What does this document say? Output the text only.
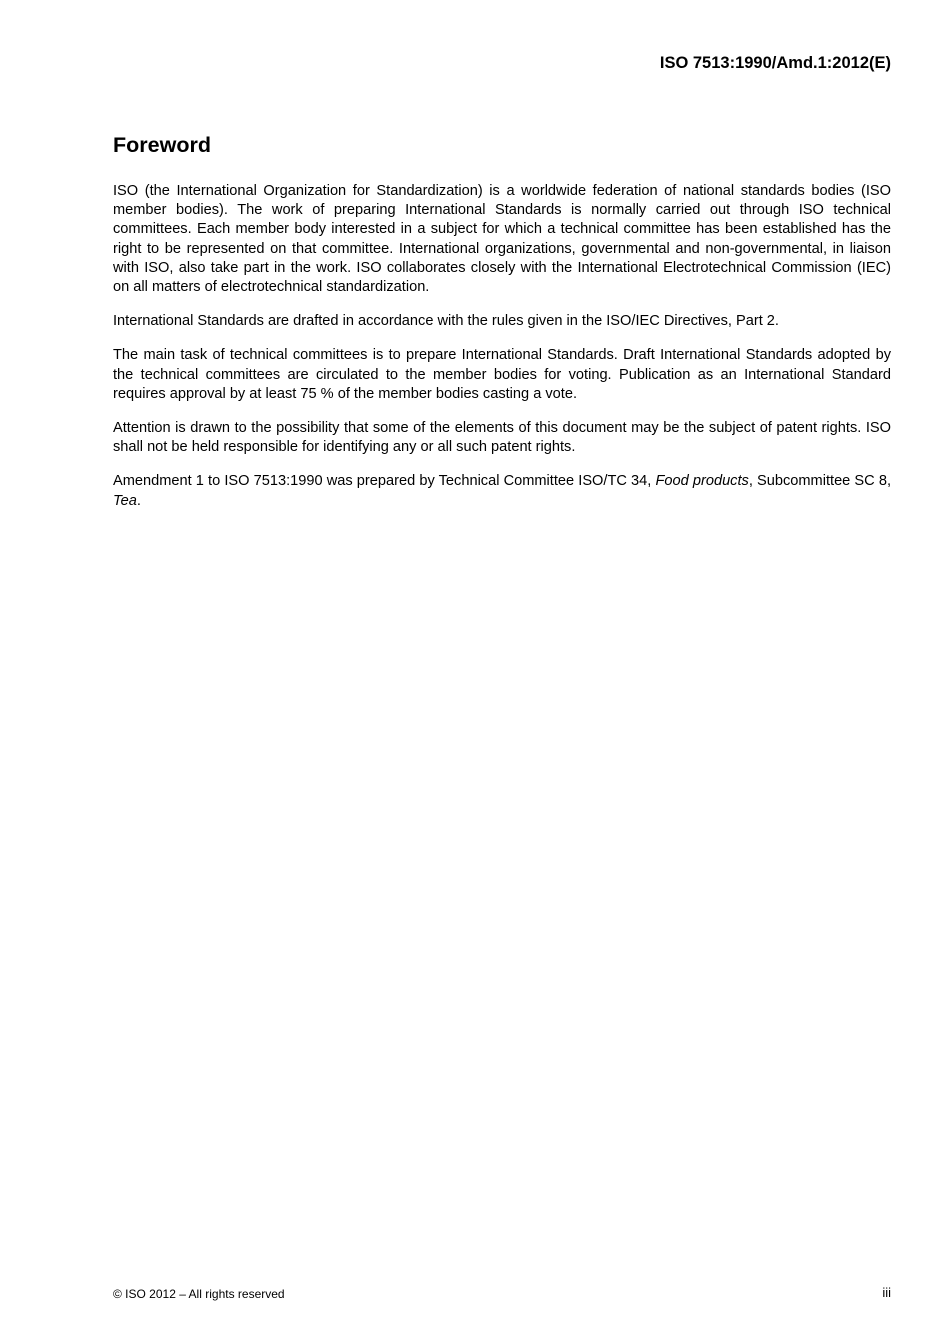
ISO 7513:1990/Amd.1:2012(E)
Foreword

ISO (the International Organization for Standardization) is a worldwide federation of national standards bodies (ISO member bodies). The work of preparing International Standards is normally carried out through ISO technical committees. Each member body interested in a subject for which a technical committee has been established has the right to be represented on that committee. International organizations, governmental and non-governmental, in liaison with ISO, also take part in the work. ISO collaborates closely with the International Electrotechnical Commission (IEC) on all matters of electrotechnical standardization.

International Standards are drafted in accordance with the rules given in the ISO/IEC Directives, Part 2.

The main task of technical committees is to prepare International Standards. Draft International Standards adopted by the technical committees are circulated to the member bodies for voting. Publication as an International Standard requires approval by at least 75 % of the member bodies casting a vote.

Attention is drawn to the possibility that some of the elements of this document may be the subject of patent rights. ISO shall not be held responsible for identifying any or all such patent rights.

Amendment 1 to ISO 7513:1990 was prepared by Technical Committee ISO/TC 34, Food products, Subcommittee SC 8, Tea.

© ISO 2012 – All rights reserved	iii
